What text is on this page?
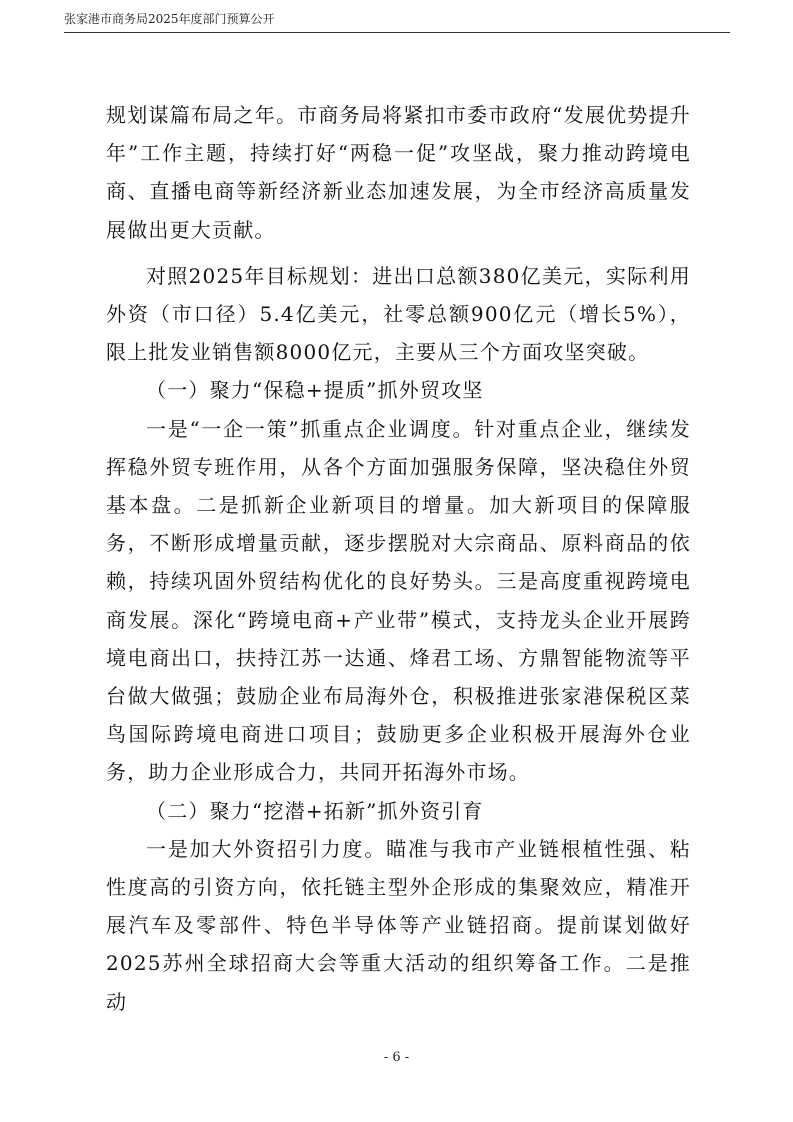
张家港市商务局2025年度部门预算公开

规划谋篇布局之年。市商务局将紧扣市委市政府“发展优势提升年”工作主题，持续打好“两稳一促”攻坚战，聚力推动跨境电商、直播电商等新经济新业态加速发展，为全市经济高质量发展做出更大贡献。

对照2025年目标规划：进出口总额380亿美元，实际利用外资（市口径）5.4亿美元，社零总额900亿元（增长5%），限上批发业销售额8000亿元，主要从三个方面攻坚突破。

（一）聚力“保稳+提质”抓外贸攻坚

一是“一企一策”抓重点企业调度。针对重点企业，继续发挥稳外贸专班作用，从各个方面加强服务保障，坚决稳住外贸基本盘。二是抓新企业新项目的增量。加大新项目的保障服务，不断形成增量贡献，逐步摆脱对大宗商品、原料商品的依赖，持续巩固外贸结构优化的良好势头。三是高度重视跨境电商发展。深化“跨境电商+产业带”模式，支持龙头企业开展跨境电商出口，扶持江苏一达通、烽君工场、方鼎智能物流等平台做大做强；鼓励企业布局海外仓，积极推进张家港保税区菜鸟国际跨境电商进口项目；鼓励更多企业积极开展海外仓业务，助力企业形成合力，共同开拓海外市场。

（二）聚力“挖潜+拓新”抓外资引育

一是加大外资招引力度。瞄准与我市产业链根植性强、粘性度高的引资方向，依托链主型外企形成的集聚效应，精准开展汽车及零部件、特色半导体等产业链招商。提前谋划做好2025苏州全球招商大会等重大活动的组织筹备工作。二是推动

- 6 -
